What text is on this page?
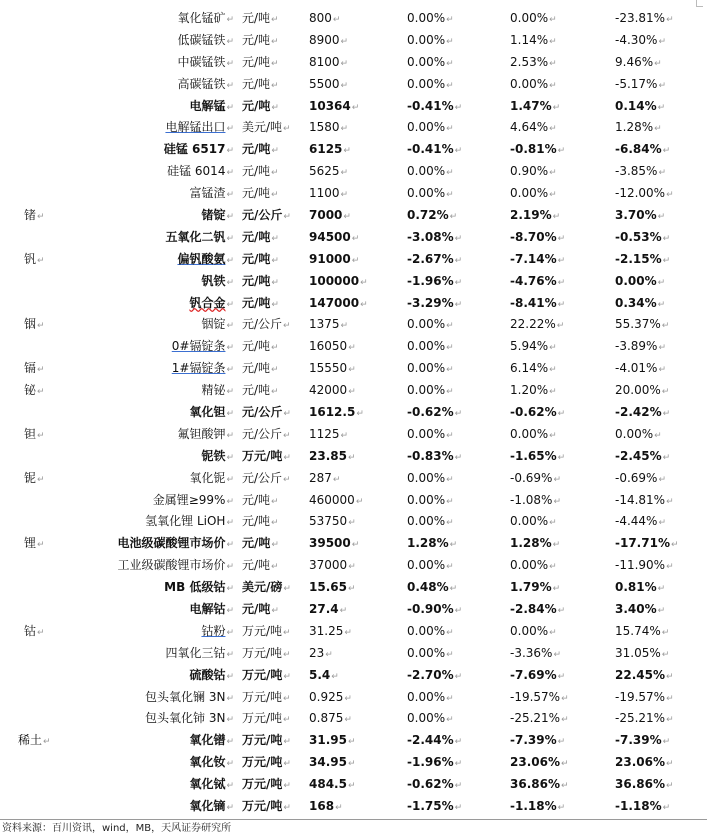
	氧化锰矿↵	元/吨↵	800↵	0.00%↵	0.00%↵	-23.81%↵
	低碳锰铁↵	元/吨↵	8900↵	0.00%↵	1.14%↵	-4.30%↵
	中碳锰铁↵	元/吨↵	8100↵	0.00%↵	2.53%↵	9.46%↵
	高碳锰铁↵	元/吨↵	5500↵	0.00%↵	0.00%↵	-5.17%↵
	电解锰↵	元/吨↵	10364↵	-0.41%↵	1.47%↵	0.14%↵
	电解锰出口↵	美元/吨↵	1580↵	0.00%↵	4.64%↵	1.28%↵
	硅锰 6517↵	元/吨↵	6125↵	-0.41%↵	-0.81%↵	-6.84%↵
	硅锰 6014↵	元/吨↵	5625↵	0.00%↵	0.90%↵	-3.85%↵
	富锰渣↵	元/吨↵	1100↵	0.00%↵	0.00%↵	-12.00%↵
锗↵	锗锭↵	元/公斤↵	7000↵	0.72%↵	2.19%↵	3.70%↵
	五氧化二钒↵	元/吨↵	94500↵	-3.08%↵	-8.70%↵	-0.53%↵
钒↵	偏钒酸氨↵	元/吨↵	91000↵	-2.67%↵	-7.14%↵	-2.15%↵
	钒铁↵	元/吨↵	100000↵	-1.96%↵	-4.76%↵	0.00%↵
	钒合金↵	元/吨↵	147000↵	-3.29%↵	-8.41%↵	0.34%↵
铟↵	铟锭↵	元/公斤↵	1375↵	0.00%↵	22.22%↵	55.37%↵
	0#镉锭条↵	元/吨↵	16050↵	0.00%↵	5.94%↵	-3.89%↵
镉↵	1#镉锭条↵	元/吨↵	15550↵	0.00%↵	6.14%↵	-4.01%↵
铋↵	精铋↵	元/吨↵	42000↵	0.00%↵	1.20%↵	20.00%↵
	氧化钽↵	元/公斤↵	1612.5↵	-0.62%↵	-0.62%↵	-2.42%↵
钽↵	氟钽酸钾↵	元/公斤↵	1125↵	0.00%↵	0.00%↵	0.00%↵
	铌铁↵	万元/吨↵	23.85↵	-0.83%↵	-1.65%↵	-2.45%↵
铌↵	氧化铌↵	元/公斤↵	287↵	0.00%↵	-0.69%↵	-0.69%↵
	金属锂≥99%↵	元/吨↵	460000↵	0.00%↵	-1.08%↵	-14.81%↵
	氢氧化锂 LiOH↵	元/吨↵	53750↵	0.00%↵	0.00%↵	-4.44%↵
锂↵	电池级碳酸锂市场价↵	元/吨↵	39500↵	1.28%↵	1.28%↵	-17.71%↵
	工业级碳酸锂市场价↵	元/吨↵	37000↵	0.00%↵	0.00%↵	-11.90%↵
	MB 低级钴↵	美元/磅↵	15.65↵	0.48%↵	1.79%↵	0.81%↵
	电解钴↵	元/吨↵	27.4↵	-0.90%↵	-2.84%↵	3.40%↵
钴↵	钴粉↵	万元/吨↵	31.25↵	0.00%↵	0.00%↵	15.74%↵
	四氧化三钴↵	万元/吨↵	23↵	0.00%↵	-3.36%↵	31.05%↵
	硫酸钴↵	万元/吨↵	5.4↵	-2.70%↵	-7.69%↵	22.45%↵
	包头氧化镧 3N↵	万元/吨↵	0.925↵	0.00%↵	-19.57%↵	-19.57%↵
	包头氧化铈 3N↵	万元/吨↵	0.875↵	0.00%↵	-25.21%↵	-25.21%↵
稀土↵	氧化镨↵	万元/吨↵	31.95↵	-2.44%↵	-7.39%↵	-7.39%↵
	氧化钕↵	万元/吨↵	34.95↵	-1.96%↵	23.06%↵	23.06%↵
	氧化铽↵	万元/吨↵	484.5↵	-0.62%↵	36.86%↵	36.86%↵
	氧化镝↵	万元/吨↵	168↵	-1.75%↵	-1.18%↵	-1.18%↵
资料来源：百川资讯，wind，MB，天风证券研究所
